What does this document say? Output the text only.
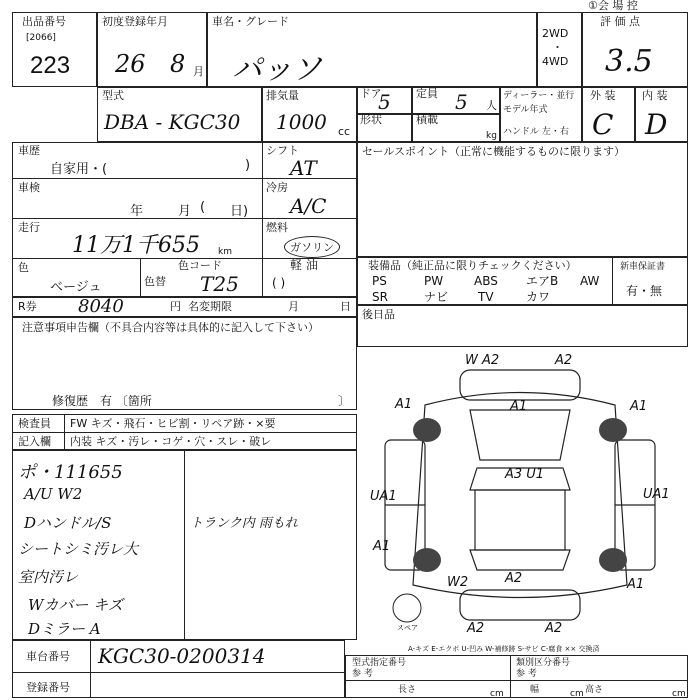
出品番号
[2066]
223
初度登録年月
26 8 月
車名・グレード
パッソ
2WD
・
4WD
評 価 点
3.5
①会 場 控
型式
DBA - KGC30
排気量
1000 cc
ドア
5 定員 5 人
形状	積載
kg
ディーラー・並行
モデル年式
ハンドル 左・右
外 装
C
内 装
D
車歴
自家用・(	)
シフト
AT
車検
年	月 ( 日)
冷房
A/C
走行
11万1千655 km
燃料
ガソリン
色
ベージュ
色コード
色替 T25
軽 油
( )
セールスポイント（正常に機能するものに限ります）
装備品（純正品に限りチェックください）	新車保証書
有・無
PS	PW	ABS エアB AW
SR	ナビ TV	カワ
R券 8040	円 名変期限	月	日
注意事項申告欄（不具合内容等は具体的に記入して下さい）
修復歴 有 〔箇所	〕
後日品
検査員
記入欄
FW キズ・飛石・ヒビ割・リペア跡・×要
内装 キズ・汚レ・コゲ・穴・スレ・破レ
ポ・111655
A/U W2
Dハンドル/S
シートシミ汚レ大
室内汚レ
Wカバー キズ
Dミラー A
トランク内 雨もれ
スペア
W A2	A2
A1	A1	A1
A3 U1
UA1	UA1
A1
W2	A2	A1
A2	A2
A-キズ E-エクボ U-凹み W-補修跡 S-サビ C-腐食 ×× 交換済
車台番号 KGC30-0200314
登録番号
型式指定番号
参 考
類別区分番号
参 考
長さ	幅	高さ
cm	cm	cm
